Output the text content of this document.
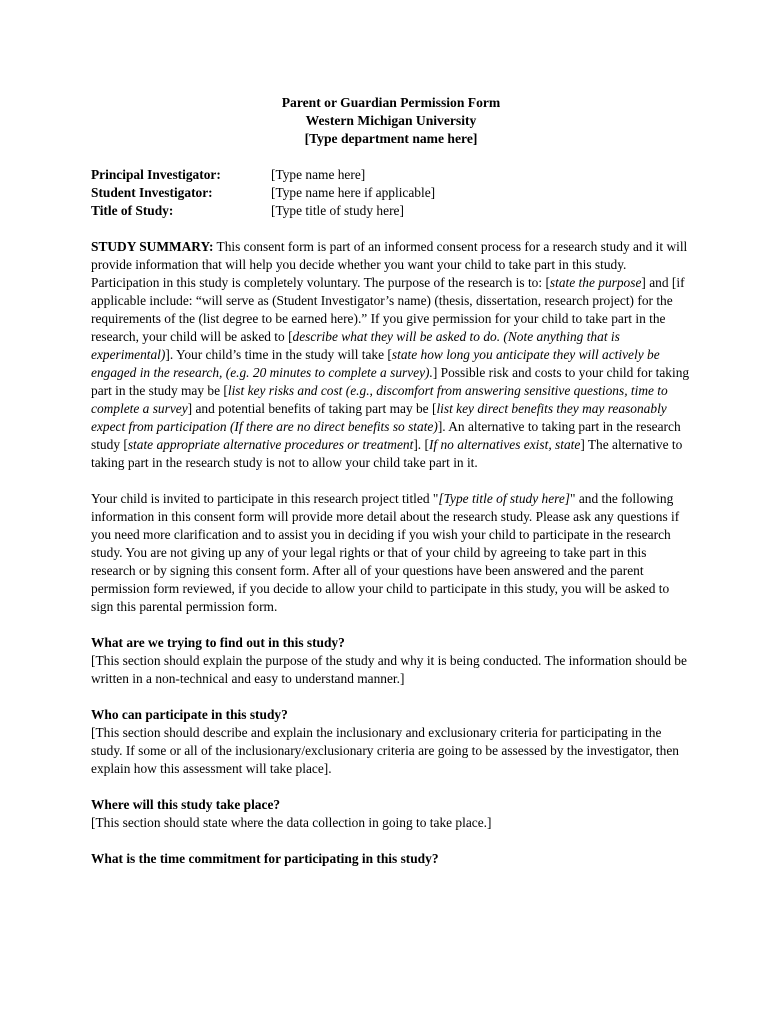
Parent or Guardian Permission Form
Western Michigan University
[Type department name here]
Principal Investigator:	[Type name here]
Student Investigator:	[Type name here if applicable]
Title of Study:	[Type title of study here]
STUDY SUMMARY: This consent form is part of an informed consent process for a research study and it will provide information that will help you decide whether you want your child to take part in this study. Participation in this study is completely voluntary. The purpose of the research is to: [state the purpose] and [if applicable include: “will serve as (Student Investigator’s name) (thesis, dissertation, research project) for the requirements of the (list degree to be earned here).” If you give permission for your child to take part in the research, your child will be asked to [describe what they will be asked to do. (Note anything that is experimental)]. Your child’s time in the study will take [state how long you anticipate they will actively be engaged in the research, (e.g. 20 minutes to complete a survey).] Possible risk and costs to your child for taking part in the study may be [list key risks and cost (e.g., discomfort from answering sensitive questions, time to complete a survey] and potential benefits of taking part may be [list key direct benefits they may reasonably expect from participation (If there are no direct benefits so state)]. An alternative to taking part in the research study [state appropriate alternative procedures or treatment]. [If no alternatives exist, state] The alternative to taking part in the research study is not to allow your child take part in it.
Your child is invited to participate in this research project titled "[Type title of study here]" and the following information in this consent form will provide more detail about the research study. Please ask any questions if you need more clarification and to assist you in deciding if you wish your child to participate in the research study. You are not giving up any of your legal rights or that of your child by agreeing to take part in this research or by signing this consent form. After all of your questions have been answered and the parent permission form reviewed, if you decide to allow your child to participate in this study, you will be asked to sign this parental permission form.
What are we trying to find out in this study?
[This section should explain the purpose of the study and why it is being conducted. The information should be written in a non-technical and easy to understand manner.]
Who can participate in this study?
[This section should describe and explain the inclusionary and exclusionary criteria for participating in the study. If some or all of the inclusionary/exclusionary criteria are going to be assessed by the investigator, then explain how this assessment will take place].
Where will this study take place?
[This section should state where the data collection in going to take place.]
What is the time commitment for participating in this study?
